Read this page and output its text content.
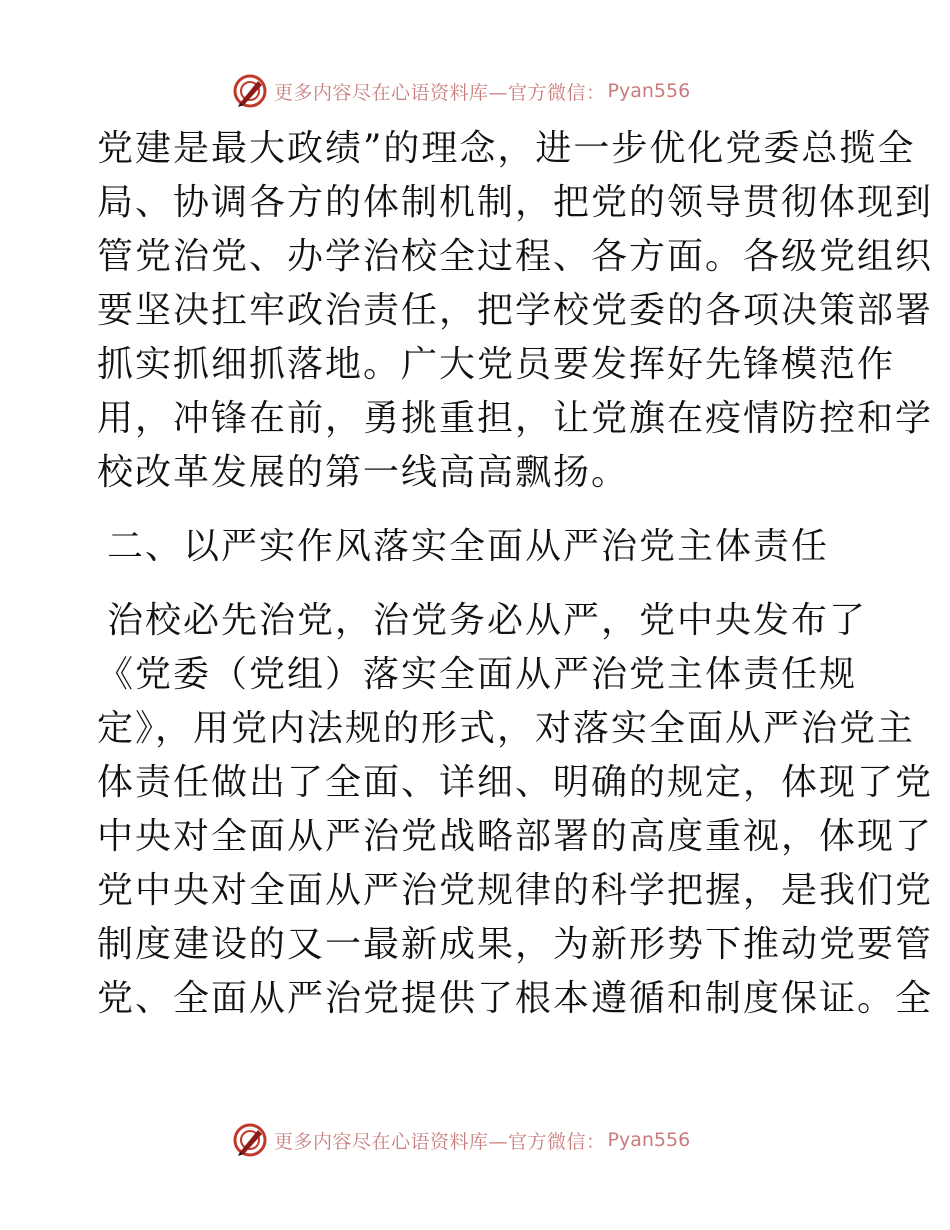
更多内容尽在心语资料库—官方微信： Pyan556
党建是最大政绩”的理念，进一步优化党委总揽全
局、协调各方的体制机制，把党的领导贯彻体现到
管党治党、办学治校全过程、各方面。各级党组织
要坚决扛牢政治责任，把学校党委的各项决策部署
抓实抓细抓落地。广大党员要发挥好先锋模范作
用，冲锋在前，勇挑重担，让党旗在疫情防控和学
校改革发展的第一线高高飘扬。
二、以严实作风落实全面从严治党主体责任
治校必先治党，治党务必从严，党中央发布了
《党委（党组）落实全面从严治党主体责任规
定》，用党内法规的形式，对落实全面从严治党主
体责任做出了全面、详细、明确的规定，体现了党
中央对全面从严治党战略部署的高度重视，体现了
党中央对全面从严治党规律的科学把握，是我们党
制度建设的又一最新成果，为新形势下推动党要管
党、全面从严治党提供了根本遵循和制度保证。全
更多内容尽在心语资料库—官方微信： Pyan556
